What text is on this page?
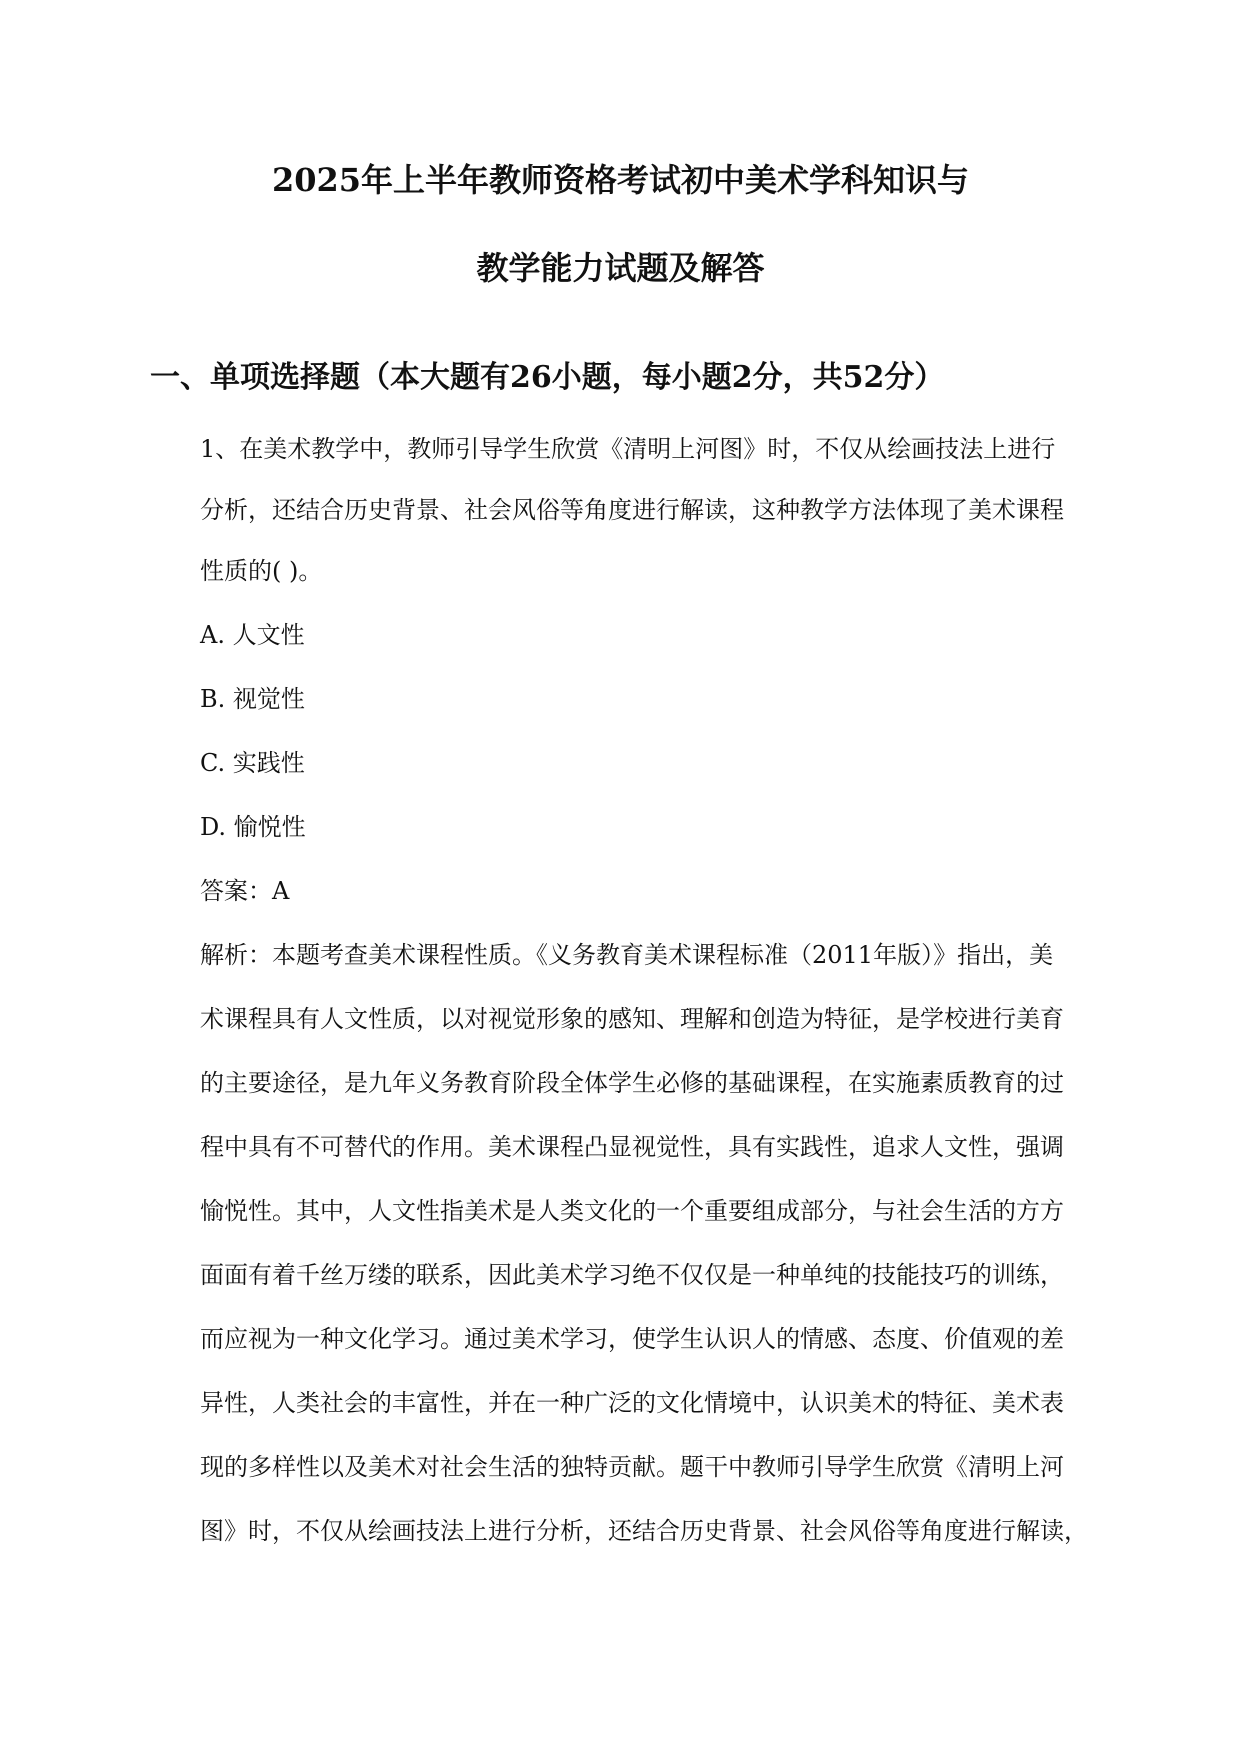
2025年上半年教师资格考试初中美术学科知识与
教学能力试题及解答
一、单项选择题（本大题有26小题，每小题2分，共52分）

1、在美术教学中，教师引导学生欣赏《清明上河图》时，不仅从绘画技法上进行

分析，还结合历史背景、社会风俗等角度进行解读，这种教学方法体现了美术课程

性质的( )。

A. 人文性

B. 视觉性

C. 实践性

D. 愉悦性

答案：A

解析：本题考查美术课程性质。《义务教育美术课程标准（2011年版）》指出，美

术课程具有人文性质，以对视觉形象的感知、理解和创造为特征，是学校进行美育

的主要途径，是九年义务教育阶段全体学生必修的基础课程，在实施素质教育的过

程中具有不可替代的作用。美术课程凸显视觉性，具有实践性，追求人文性，强调

愉悦性。其中，人文性指美术是人类文化的一个重要组成部分，与社会生活的方方

面面有着千丝万缕的联系，因此美术学习绝不仅仅是一种单纯的技能技巧的训练，

而应视为一种文化学习。通过美术学习，使学生认识人的情感、态度、价值观的差

异性，人类社会的丰富性，并在一种广泛的文化情境中，认识美术的特征、美术表

现的多样性以及美术对社会生活的独特贡献。题干中教师引导学生欣赏《清明上河

图》时，不仅从绘画技法上进行分析，还结合历史背景、社会风俗等角度进行解读，
